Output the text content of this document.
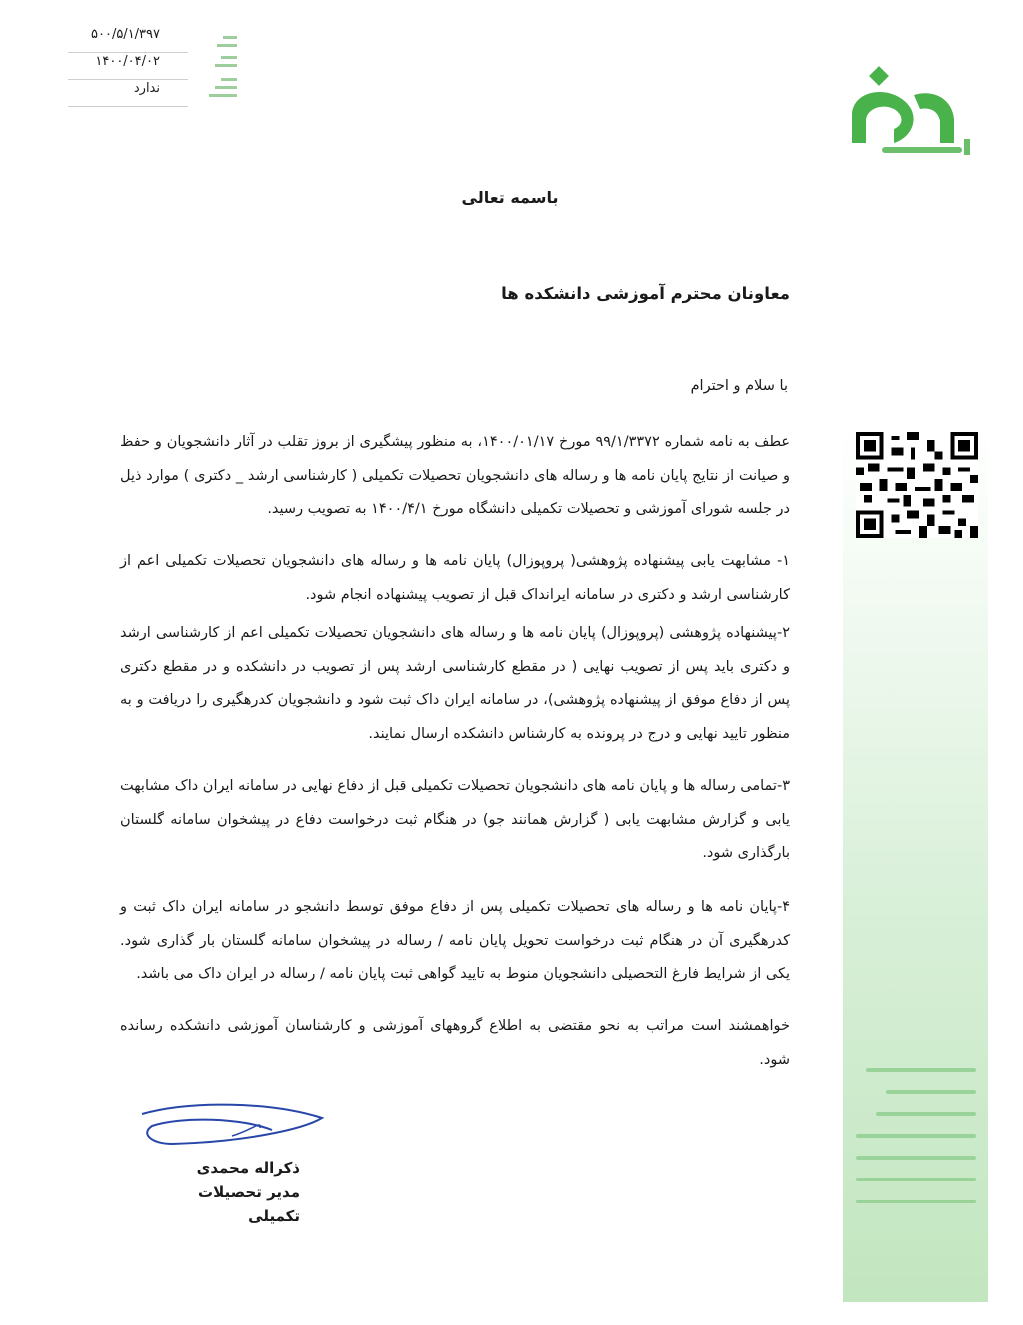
۵۰۰/۵/۱/۳۹۷
۱۴۰۰/۰۴/۰۲
ندارد
باسمه تعالی
معاونان محترم آموزشی دانشکده ها
با سلام و احترام

عطف به نامه شماره ۹۹/۱/۳۳۷۲ مورخ ۱۴۰۰/۰۱/۱۷، به منظور پیشگیری از بروز تقلب در آثار دانشجویان و حفظ و صیانت از نتایج پایان نامه ها و رساله های دانشجویان تحصیلات تکمیلی ( کارشناسی ارشد _ دکتری ) موارد ذیل در جلسه شورای آموزشی و تحصیلات تکمیلی دانشگاه مورخ ۱۴۰۰/۴/۱ به تصویب رسید.

۱- مشابهت یابی پیشنهاده پژوهشی( پروپوزال) پایان نامه ها و رساله های دانشجویان تحصیلات تکمیلی اعم از کارشناسی ارشد و دکتری در سامانه ایرانداک قبل از تصویب پیشنهاده انجام شود.

۲-پیشنهاده پژوهشی (پروپوزال) پایان نامه ها و رساله های دانشجویان تحصیلات تکمیلی اعم از کارشناسی ارشد و دکتری باید پس از تصویب نهایی ( در مقطع کارشناسی ارشد پس از تصویب در دانشکده و در مقطع دکتری پس از دفاع موفق از پیشنهاده پژوهشی)، در سامانه ایران داک ثبت شود و دانشجویان کدرهگیری را دریافت و به منظور تایید نهایی و درج در پرونده به کارشناس دانشکده ارسال نمایند.

۳-تمامی رساله ها و پایان نامه های دانشجویان تحصیلات تکمیلی قبل از دفاع نهایی در سامانه ایران داک مشابهت یابی و گزارش مشابهت یابی ( گزارش همانند جو) در هنگام ثبت درخواست دفاع در پیشخوان سامانه گلستان بارگذاری شود.

۴-پایان نامه ها و رساله های تحصیلات تکمیلی پس از دفاع موفق توسط دانشجو در سامانه ایران داک ثبت و کدرهگیری آن در هنگام ثبت درخواست تحویل پایان نامه / رساله در پیشخوان سامانه گلستان بار گذاری شود. یکی از شرایط فارغ التحصیلی دانشجویان منوط به تایید گواهی ثبت پایان نامه / رساله در ایران داک می باشد.

خواهمشند است مراتب به نحو مقتضی به اطلاع گروههای آموزشی و کارشناسان آموزشی دانشکده رسانده شود.

ذکراله محمدی
مدیر تحصیلات تکمیلی
